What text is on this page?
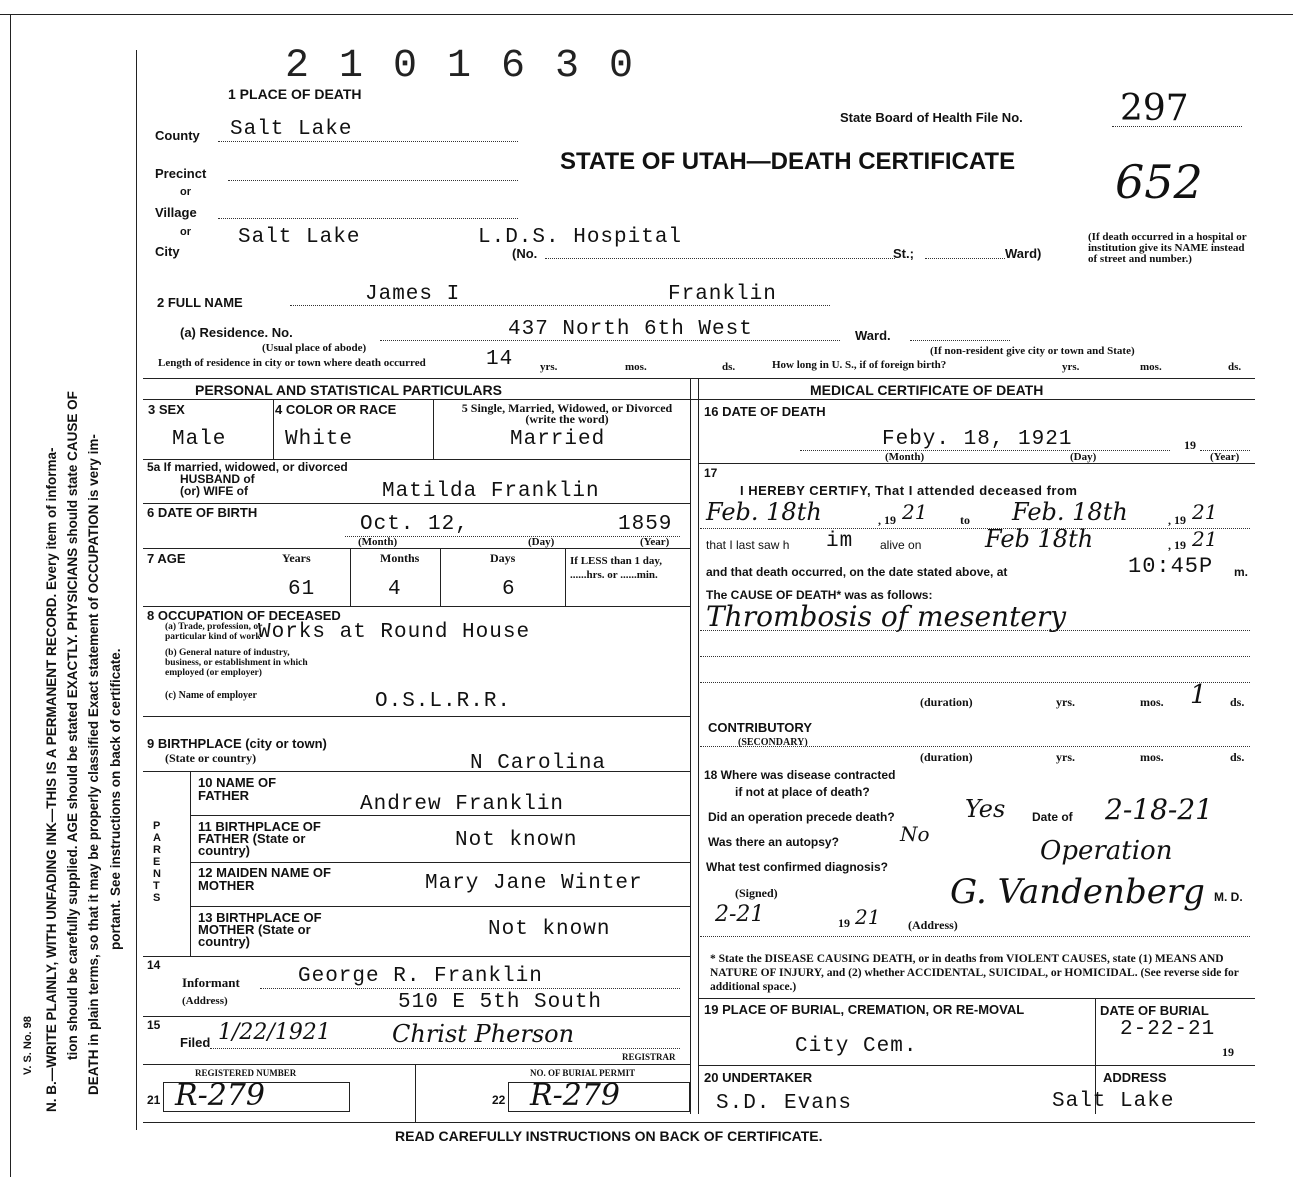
N. B.—WRITE PLAINLY, WITH UNFADING INK—THIS IS A PERMANENT RECORD. Every item of informa- tion should be carefully supplied. AGE should be stated EXACTLY. PHYSICIANS should state CAUSE OF DEATH in plain terms, so that it may be properly classified Exact statement of OCCUPATION is very im- portant. See instructions on back of certificate.
V. S. No. 98
2 1 0 1 6 3 0
1 PLACE OF DEATH
State Board of Health File No.	297
652
STATE OF UTAH—DEATH CERTIFICATE
County Salt Lake
Precinct
or
Village
or
City
Salt Lake	L.D.S. Hospital
(No.	St.;	Ward)
(If death occurred in a hospital or institution give its NAME instead of street and number.)
2 FULL NAME	James I	Franklin
(a) Residence. No.	437 North 6th West	Ward.
(Usual place of abode)	(If non-resident give city or town and State)
Length of residence in city or town where death occurred	14 yrs.	mos.	ds.	How long in U. S., if of foreign birth?	yrs.	mos.	ds.
PERSONAL AND STATISTICAL PARTICULARS	MEDICAL CERTIFICATE OF DEATH
3 SEX
Male
4 COLOR OR RACE
White
5 Single, Married, Widowed, or Divorced (write the word)
Married
5a If married, widowed, or divorced
HUSBAND of
(or) WIFE of	Matilda Franklin
6 DATE OF BIRTH
Oct. 12,	1859
(Month)	(Day)	(Year)
7 AGE	Years	Months	Days
61	4	6
If LESS than 1 day, ......hrs. or ......min.
8 OCCUPATION OF DECEASED
(a) Trade, profession, or particular kind of work
Works at Round House
(b) General nature of industry, business, or establishment in which employed (or employer)
(c) Name of employer	O.S.L.R.R.
9 BIRTHPLACE (city or town)
(State or country)	N Carolina
PARENTS
10 NAME OF FATHER	Andrew Franklin
11 BIRTHPLACE OF FATHER (State or country)	Not known
12 MAIDEN NAME OF MOTHER	Mary Jane Winter
13 BIRTHPLACE OF MOTHER (State or country)
Not known
14
Informant	George R. Franklin
(Address)	510 E 5th South
15
Filed 1/22/1921	Christ Pherson
REGISTRAR
REGISTERED NUMBER
21 R-279
NO. OF BURIAL PERMIT
22 R-279
16 DATE OF DEATH
Feby. 18, 1921	19
(Month)	(Day)	(Year)
17
I HEREBY CERTIFY, That I attended deceased from
Feb. 18th	, 19 21	to Feb. 18th	, 19 21
that I last saw h im alive on	Feb 18th	, 19 21
and that death occurred, on the date stated above, at	10:45P m.
The CAUSE OF DEATH* was as follows:
Thrombosis of mesentery
(duration)	yrs.	mos. 1 ds.
CONTRIBUTORY
(SECONDARY)
(duration)	yrs.	mos.	ds.
18 Where was disease contracted
if not at place of death?
Did an operation precede death?	Yes Date of 2-18-21
Was there an autopsy?	No
What test confirmed diagnosis?
Operation
(Signed)	G. Vandenberg M. D.
2-21	19 21 (Address)
* State the DISEASE CAUSING DEATH, or in deaths from VIOLENT CAUSES, state (1) MEANS AND NATURE OF INJURY, and (2) whether ACCIDENTAL, SUICIDAL, or HOMICIDAL. (See reverse side for additional space.)
19 PLACE OF BURIAL, CREMATION, OR RE-MOVAL
City Cem.
DATE OF BURIAL
2-22-21
19
20 UNDERTAKER
S.D. Evans
ADDRESS
Salt Lake
READ CAREFULLY INSTRUCTIONS ON BACK OF CERTIFICATE.
